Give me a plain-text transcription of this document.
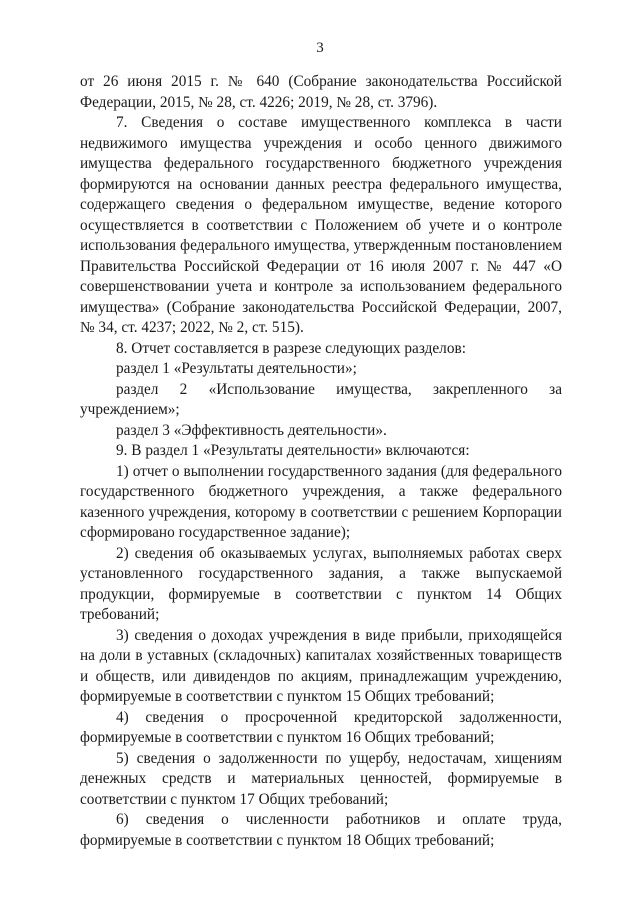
3

от 26 июня 2015 г. № 640 (Собрание законодательства Российской Федерации, 2015, № 28, ст. 4226; 2019, № 28, ст. 3796).

7. Сведения о составе имущественного комплекса в части недвижимого имущества учреждения и особо ценного движимого имущества федерального государственного бюджетного учреждения формируются на основании данных реестра федерального имущества, содержащего сведения о федеральном имуществе, ведение которого осуществляется в соответствии с Положением об учете и о контроле использования федерального имущества, утвержденным постановлением Правительства Российской Федерации от 16 июля 2007 г. № 447 «О совершенствовании учета и контроле за использованием федерального имущества» (Собрание законодательства Российской Федерации, 2007, № 34, ст. 4237; 2022, № 2, ст. 515).

8. Отчет составляется в разрезе следующих разделов:

раздел 1 «Результаты деятельности»;

раздел 2 «Использование имущества, закрепленного за учреждением»;

раздел 3 «Эффективность деятельности».

9. В раздел 1 «Результаты деятельности» включаются:

1) отчет о выполнении государственного задания (для федерального государственного бюджетного учреждения, а также федерального казенного учреждения, которому в соответствии с решением Корпорации сформировано государственное задание);

2) сведения об оказываемых услугах, выполняемых работах сверх установленного государственного задания, а также выпускаемой продукции, формируемые в соответствии с пунктом 14 Общих требований;

3) сведения о доходах учреждения в виде прибыли, приходящейся на доли в уставных (складочных) капиталах хозяйственных товариществ и обществ, или дивидендов по акциям, принадлежащим учреждению, формируемые в соответствии с пунктом 15 Общих требований;

4) сведения о просроченной кредиторской задолженности, формируемые в соответствии с пунктом 16 Общих требований;

5) сведения о задолженности по ущербу, недостачам, хищениям денежных средств и материальных ценностей, формируемые в соответствии с пунктом 17 Общих требований;

6) сведения о численности работников и оплате труда, формируемые в соответствии с пунктом 18 Общих требований;
